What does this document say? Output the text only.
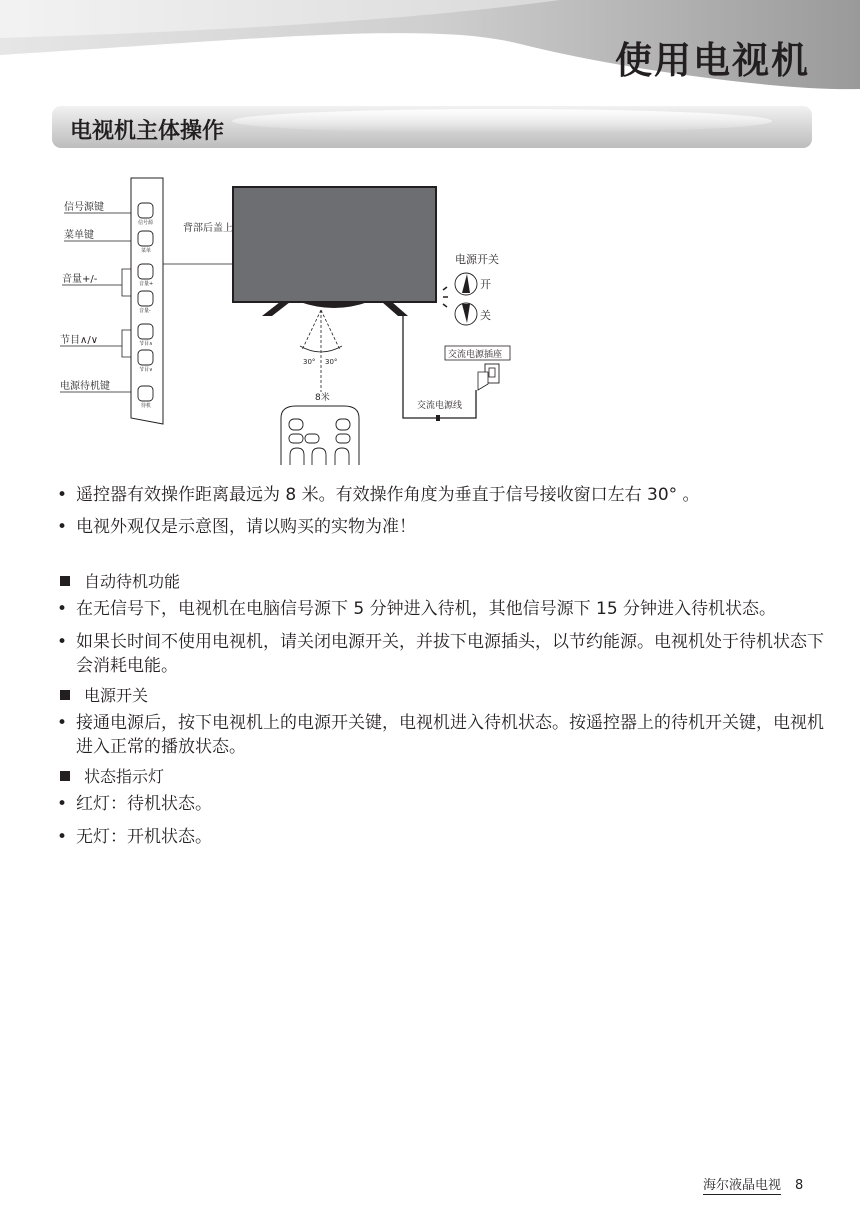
使用电视机
电视机主体操作
信号源键
菜单键
音量+/-
节目∧/∨
电源待机键
信号源
菜单
音量+
音量-
节目∧
节目∨
待机
背部后盖上
30° 30°
8米
电源开关
开
关
交流电源插座
交流电源线
• 遥控器有效操作距离最远为 8 米。有效操作角度为垂直于信号接收窗口左右 30° 。
• 电视外观仅是示意图，请以购买的实物为准！
自动待机功能
• 在无信号下，电视机在电脑信号源下 5 分钟进入待机，其他信号源下 15 分钟进入待机状态。
• 如果长时间不使用电视机，请关闭电源开关，并拔下电源插头，以节约能源。电视机处于待机状态下会消耗电能。
电源开关
• 接通电源后，按下电视机上的电源开关键，电视机进入待机状态。按遥控器上的待机开关键，电视机进入正常的播放状态。
状态指示灯
• 红灯：待机状态。
• 无灯：开机状态。
海尔液晶电视 8
